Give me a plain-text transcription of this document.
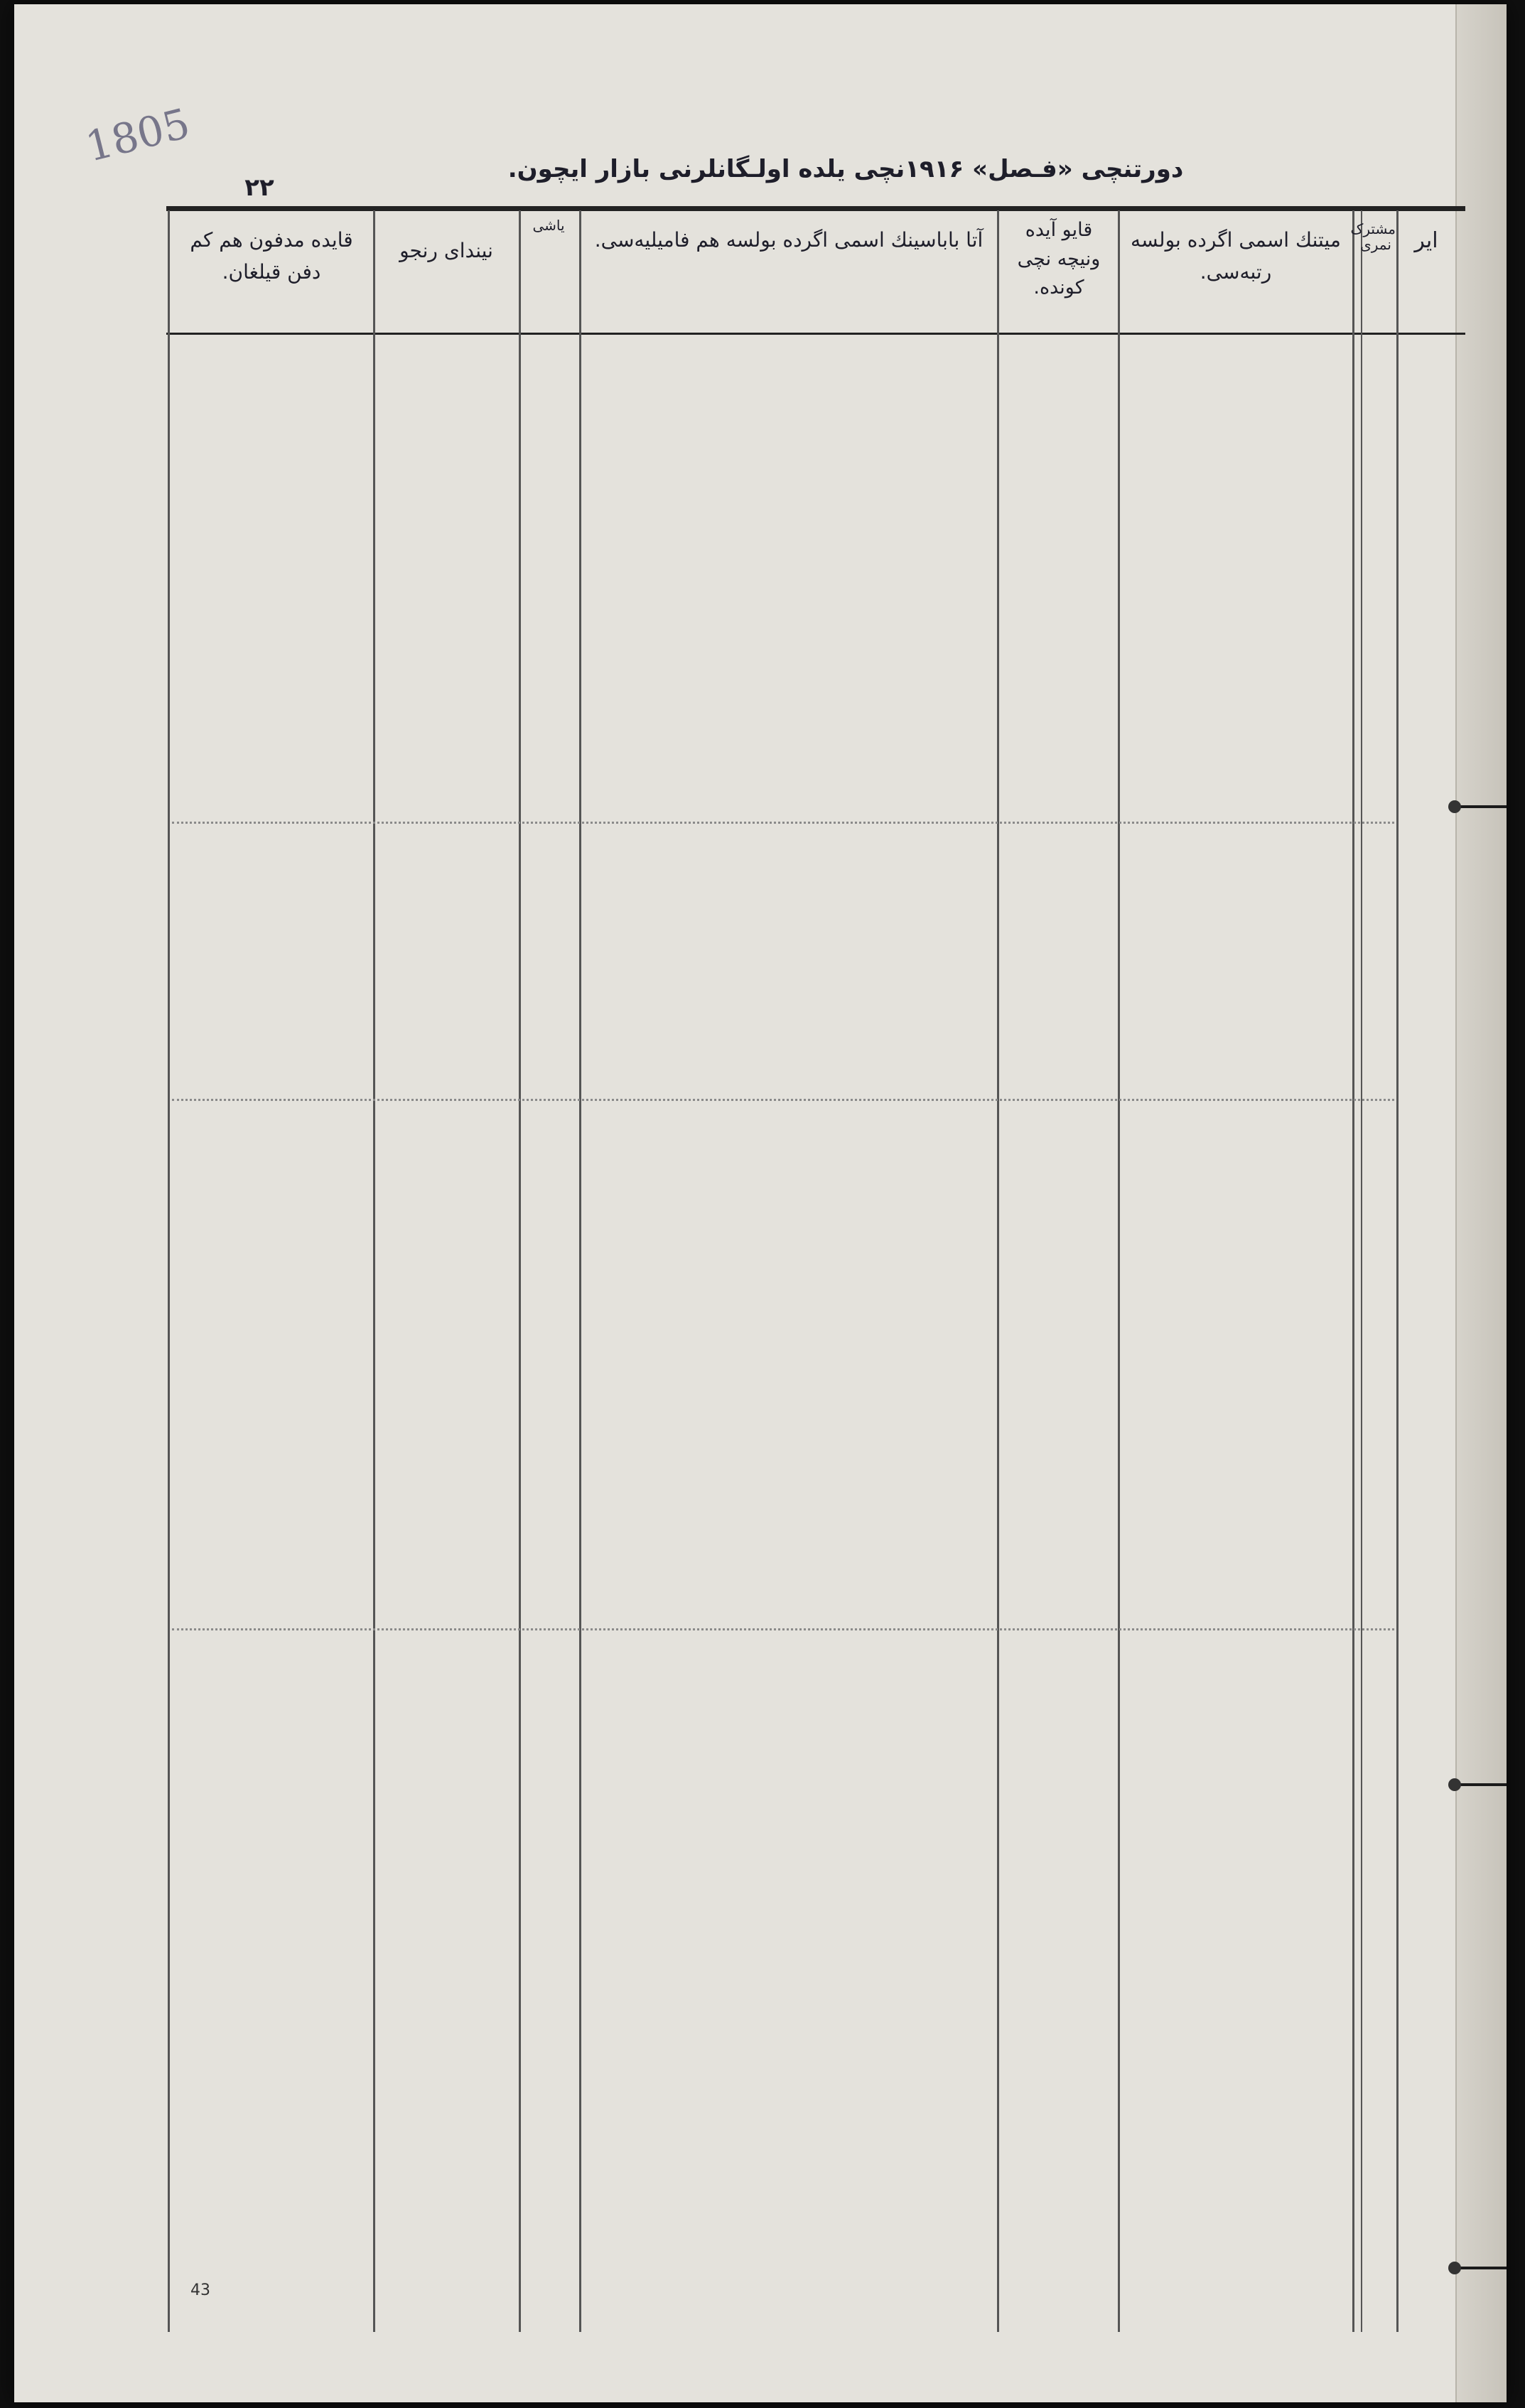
1805	دورتنچی «فـصل» ۱۹۱۶نچی یلده اولـگانلرنی بازار ایچون.
۲۲
ایر
مشترک نمری
میتنك اسمی اگرده بولسه رتبه‌سی.
قایو آیده ونیچه نچی کونده.
آتا باباسینك اسمی اگرده بولسه هم فامیلیه‌سی.
یاشی
نیندای رنجو
قایده مدفون هم کم دفن قیلغان.
43
